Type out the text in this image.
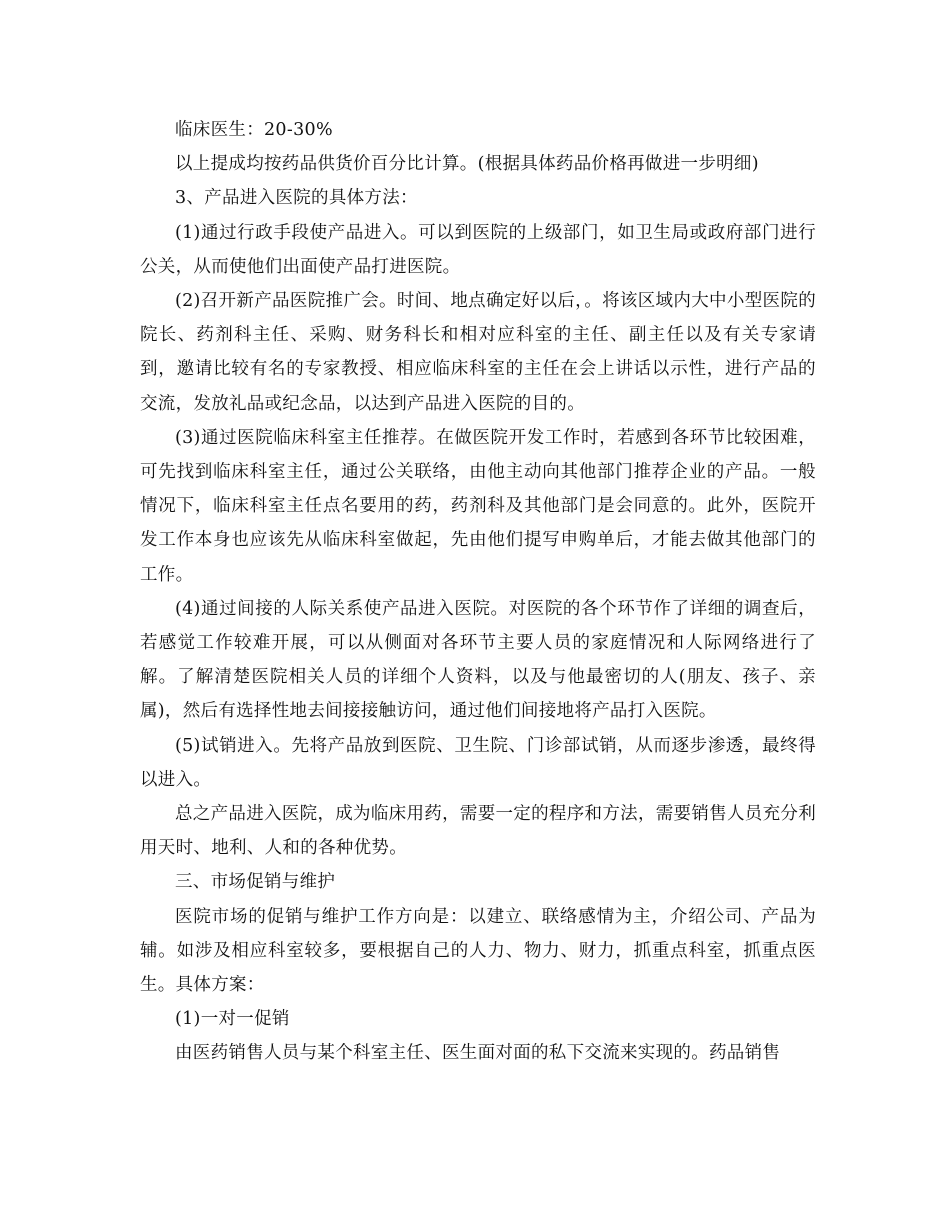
临床医生：20-30%

以上提成均按药品供货价百分比计算。(根据具体药品价格再做进一步明细)

3、产品进入医院的具体方法：

(1)通过行政手段使产品进入。可以到医院的上级部门，如卫生局或政府部门进行公关，从而使他们出面使产品打进医院。

(2)召开新产品医院推广会。时间、地点确定好以后，。将该区域内大中小型医院的院长、药剂科主任、采购、财务科长和相对应科室的主任、副主任以及有关专家请到，邀请比较有名的专家教授、相应临床科室的主任在会上讲话以示性，进行产品的交流，发放礼品或纪念品，以达到产品进入医院的目的。

(3)通过医院临床科室主任推荐。在做医院开发工作时，若感到各环节比较困难，可先找到临床科室主任，通过公关联络，由他主动向其他部门推荐企业的产品。一般情况下，临床科室主任点名要用的药，药剂科及其他部门是会同意的。此外，医院开发工作本身也应该先从临床科室做起，先由他们提写申购单后，才能去做其他部门的工作。

(4)通过间接的人际关系使产品进入医院。对医院的各个环节作了详细的调查后，若感觉工作较难开展，可以从侧面对各环节主要人员的家庭情况和人际网络进行了解。了解清楚医院相关人员的详细个人资料，以及与他最密切的人(朋友、孩子、亲属)，然后有选择性地去间接接触访问，通过他们间接地将产品打入医院。

(5)试销进入。先将产品放到医院、卫生院、门诊部试销，从而逐步渗透，最终得以进入。

总之产品进入医院，成为临床用药，需要一定的程序和方法，需要销售人员充分利用天时、地利、人和的各种优势。

三、市场促销与维护

医院市场的促销与维护工作方向是：以建立、联络感情为主，介绍公司、产品为辅。如涉及相应科室较多，要根据自己的人力、物力、财力，抓重点科室，抓重点医生。具体方案：

(1)一对一促销

由医药销售人员与某个科室主任、医生面对面的私下交流来实现的。药品销售
